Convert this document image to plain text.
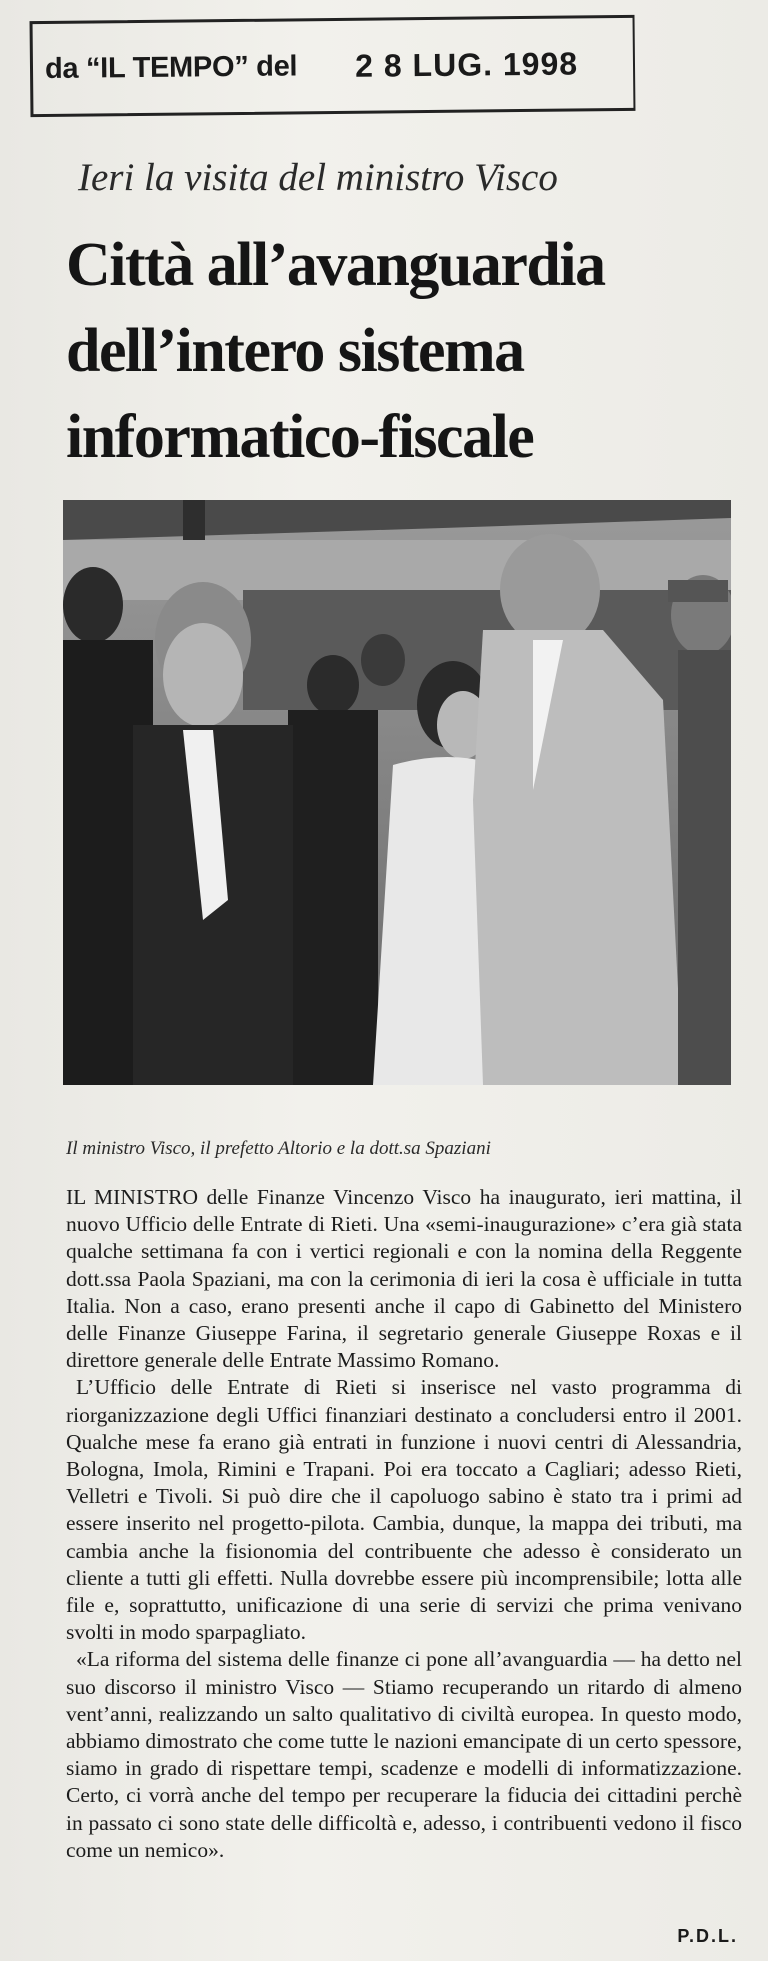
da “IL TEMPO” del 2 8 LUG. 1998
Ieri la visita del ministro Visco
Città all’avanguardia
dell’intero sistema
informatico-fiscale
Il ministro Visco, il prefetto Altorio e la dott.sa Spaziani

IL MINISTRO delle Finanze Vincenzo Visco ha inaugurato, ieri mattina, il nuovo Ufficio delle Entrate di Rieti. Una «semi-inaugurazione» c’era già stata qualche settimana fa con i vertici regionali e con la nomina della Reggente dott.ssa Paola Spaziani, ma con la cerimonia di ieri la cosa è ufficiale in tutta Italia. Non a caso, erano presenti anche il capo di Gabinetto del Ministero delle Finanze Giuseppe Farina, il segretario generale Giuseppe Roxas e il direttore generale delle Entrate Massimo Romano.

L’Ufficio delle Entrate di Rieti si inserisce nel vasto programma di riorganizzazione degli Uffici finanziari destinato a concludersi entro il 2001. Qualche mese fa erano già entrati in funzione i nuovi centri di Alessandria, Bologna, Imola, Rimini e Trapani. Poi era toccato a Cagliari; adesso Rieti, Velletri e Tivoli. Si può dire che il capoluogo sabino è stato tra i primi ad essere inserito nel progetto-pilota. Cambia, dunque, la mappa dei tributi, ma cambia anche la fisionomia del contribuente che adesso è considerato un cliente a tutti gli effetti. Nulla dovrebbe essere più incomprensibile; lotta alle file e, soprattutto, unificazione di una serie di servizi che prima venivano svolti in modo sparpagliato.

«La riforma del sistema delle finanze ci pone all’avanguardia — ha detto nel suo discorso il ministro Visco — Stiamo recuperando un ritardo di almeno vent’anni, realizzando un salto qualitativo di civiltà europea. In questo modo, abbiamo dimostrato che come tutte le nazioni emancipate di un certo spessore, siamo in grado di rispettare tempi, scadenze e modelli di informatizzazione. Certo, ci vorrà anche del tempo per recuperare la fiducia dei cittadini perchè in passato ci sono state delle difficoltà e, adesso, i contribuenti vedono il fisco come un nemico».

P.D.L.
